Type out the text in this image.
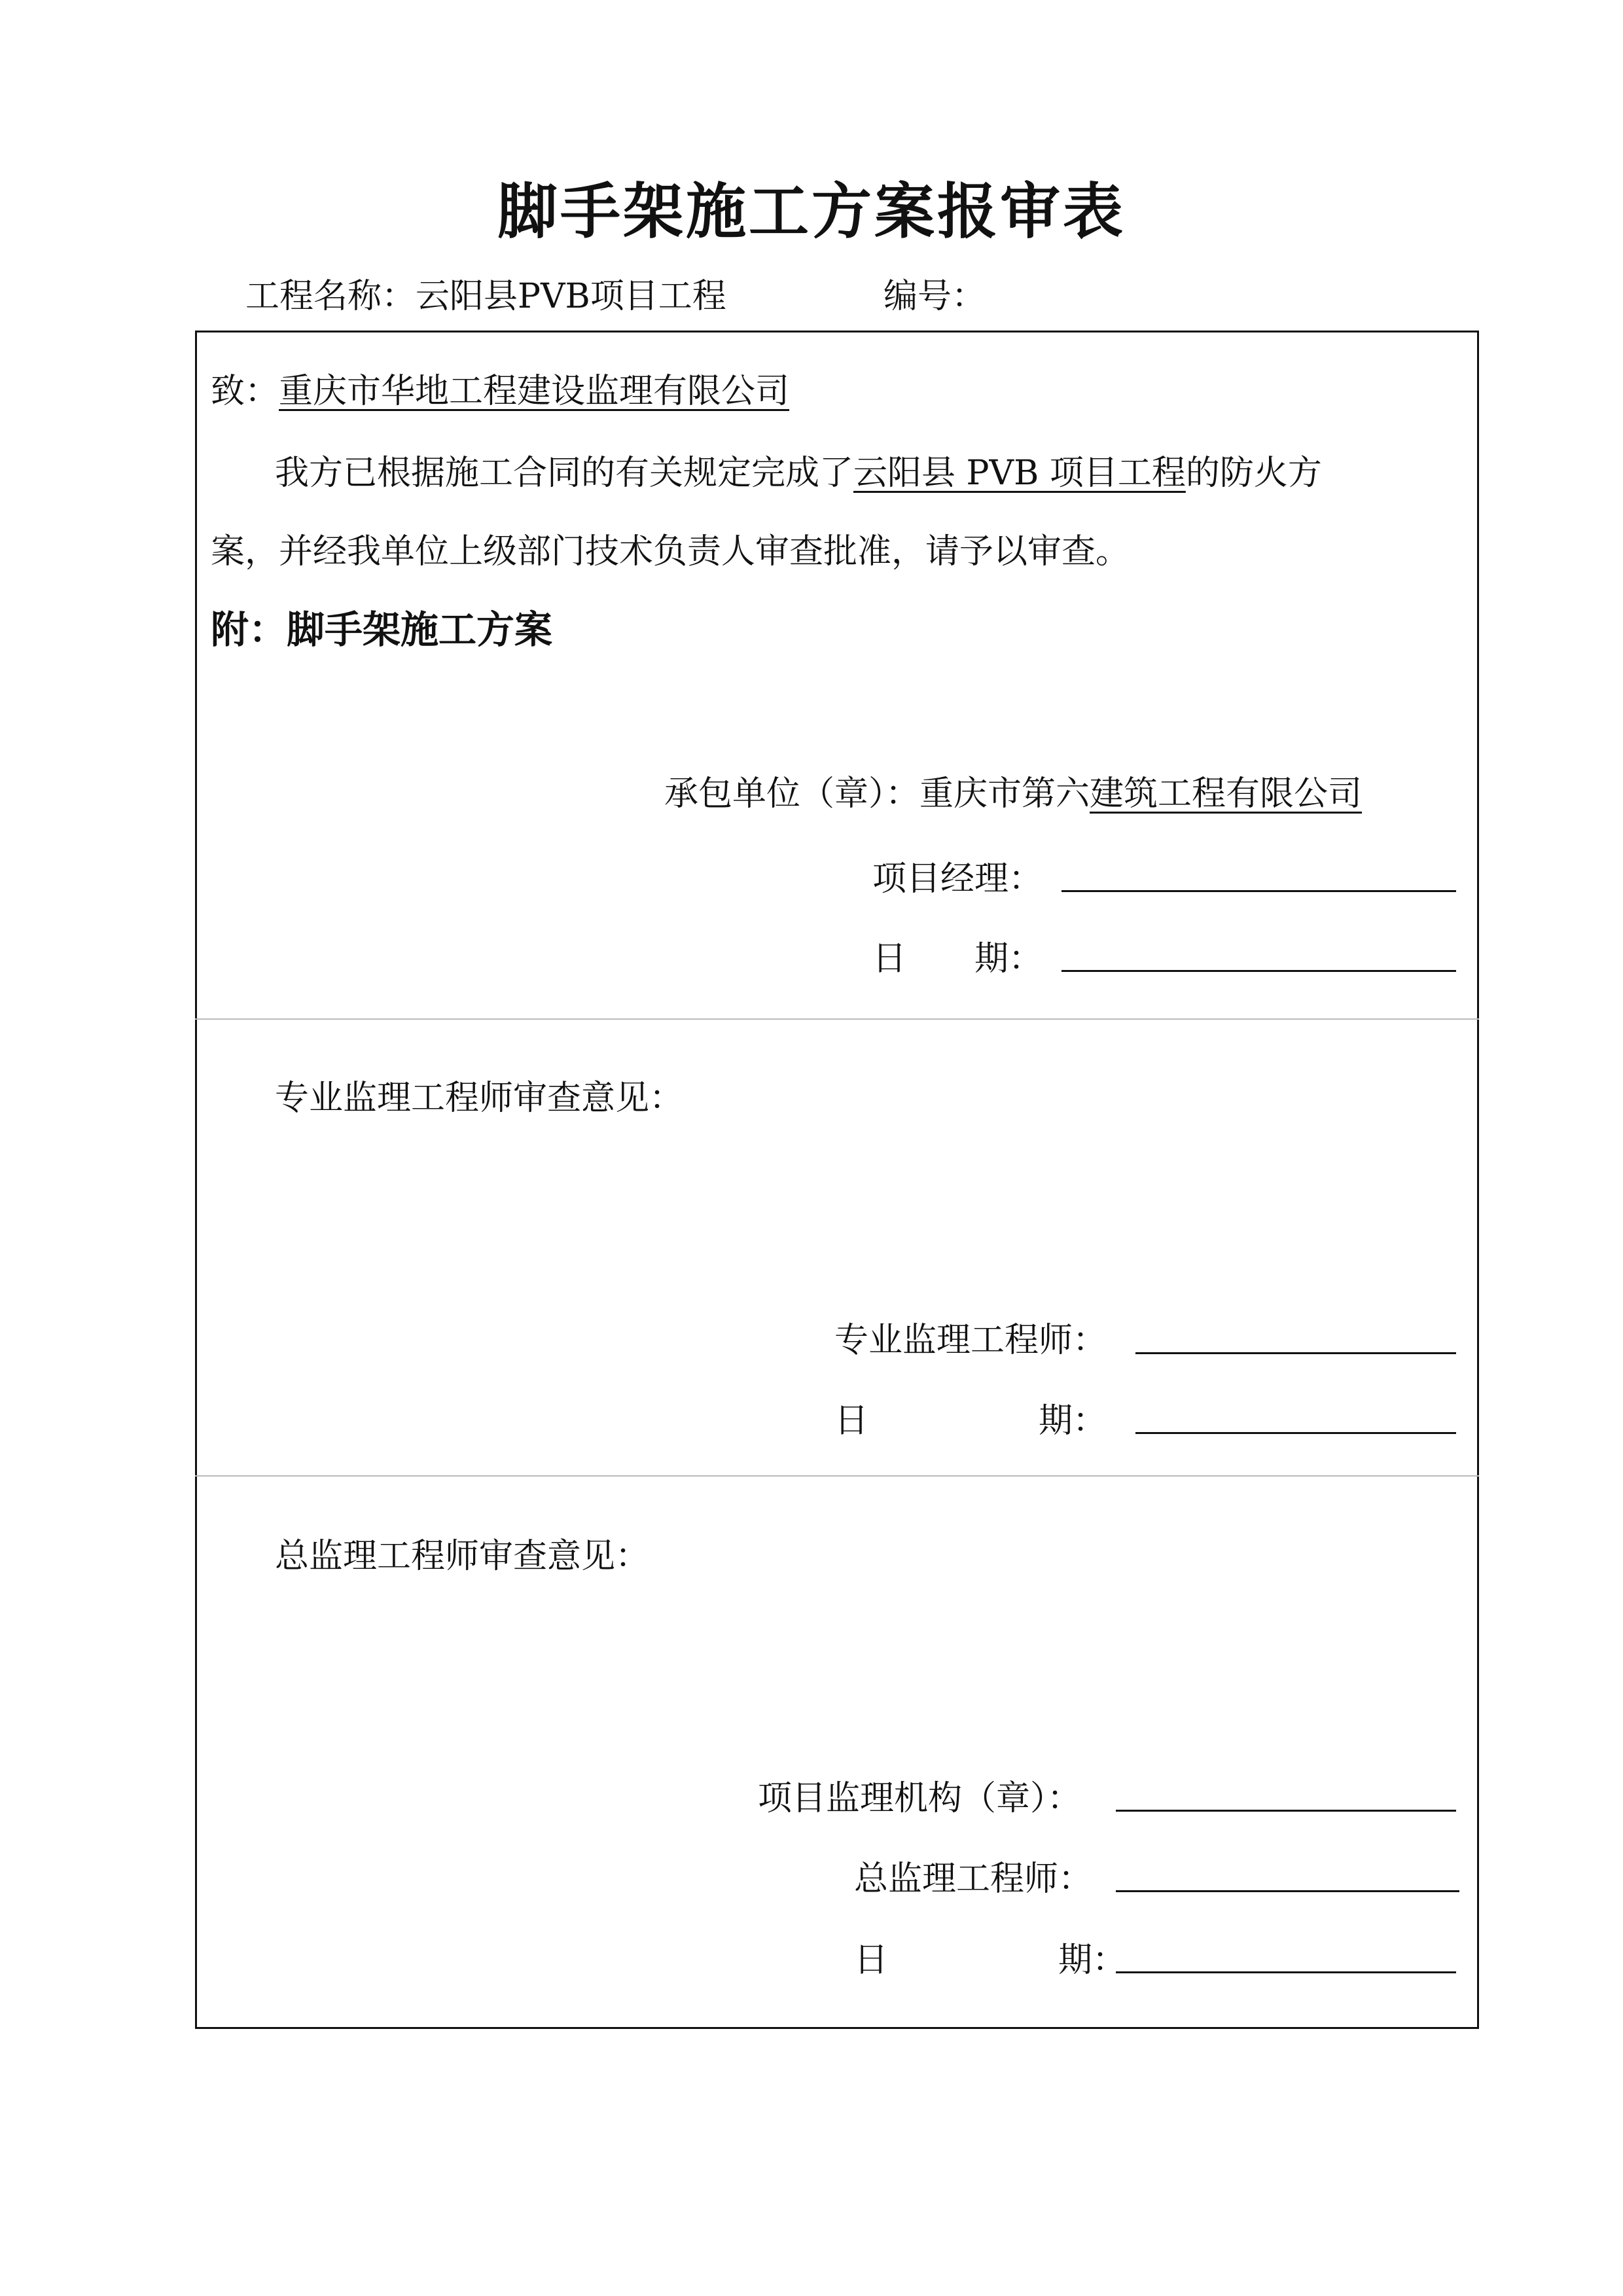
脚手架施工方案报审表
工程名称：云阳县PVB项目工程	编号：
致：重庆市华地工程建设监理有限公司
我方已根据施工合同的有关规定完成了云阳县 PVB 项目工程的防火方
案，并经我单位上级部门技术负责人审查批准，请予以审查。
附：脚手架施工方案
承包单位（章）：重庆市第六建筑工程有限公司
项目经理：
日　　期：
专业监理工程师审查意见：
专业监理工程师：
日　　　　　期：
总监理工程师审查意见：
项目监理机构（章）：
总监理工程师：
日　　　　　期：
